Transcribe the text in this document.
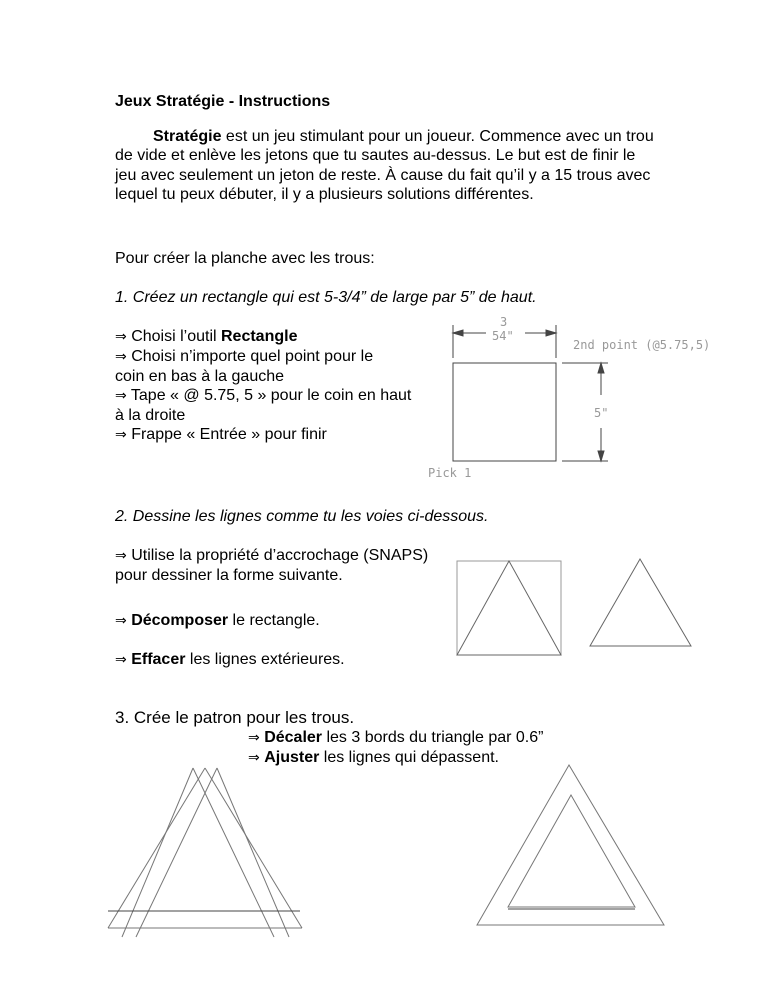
Jeux Stratégie - Instructions
Stratégie est un jeu stimulant pour un joueur. Commence avec un trou de vide et enlève les jetons que tu sautes au-dessus. Le but est de finir le jeu avec seulement un jeton de reste. À cause du fait qu’il y a 15 trous avec lequel tu peux débuter, il y a plusieurs solutions différentes.
Pour créer la planche avec les trous:
1. Créez un rectangle qui est 5-3/4” de large par 5” de haut.
⇒ Choisi l’outil Rectangle
⇒ Choisi n’importe quel point pour le coin en bas à la gauche
⇒ Tape « @ 5.75, 5 » pour le coin en haut à la droite
⇒ Frappe « Entrée » pour finir
3
54"
5"
2nd point (@5.75,5)
Pick 1
2. Dessine les lignes comme tu les voies ci-dessous.
⇒ Utilise la propriété d’accrochage (SNAPS) pour dessiner la forme suivante.
⇒ Décomposer le rectangle.
⇒ Effacer les lignes extérieures.
3. Crée le patron pour les trous.
⇒ Décaler les 3 bords du triangle par 0.6”
⇒ Ajuster les lignes qui dépassent.
